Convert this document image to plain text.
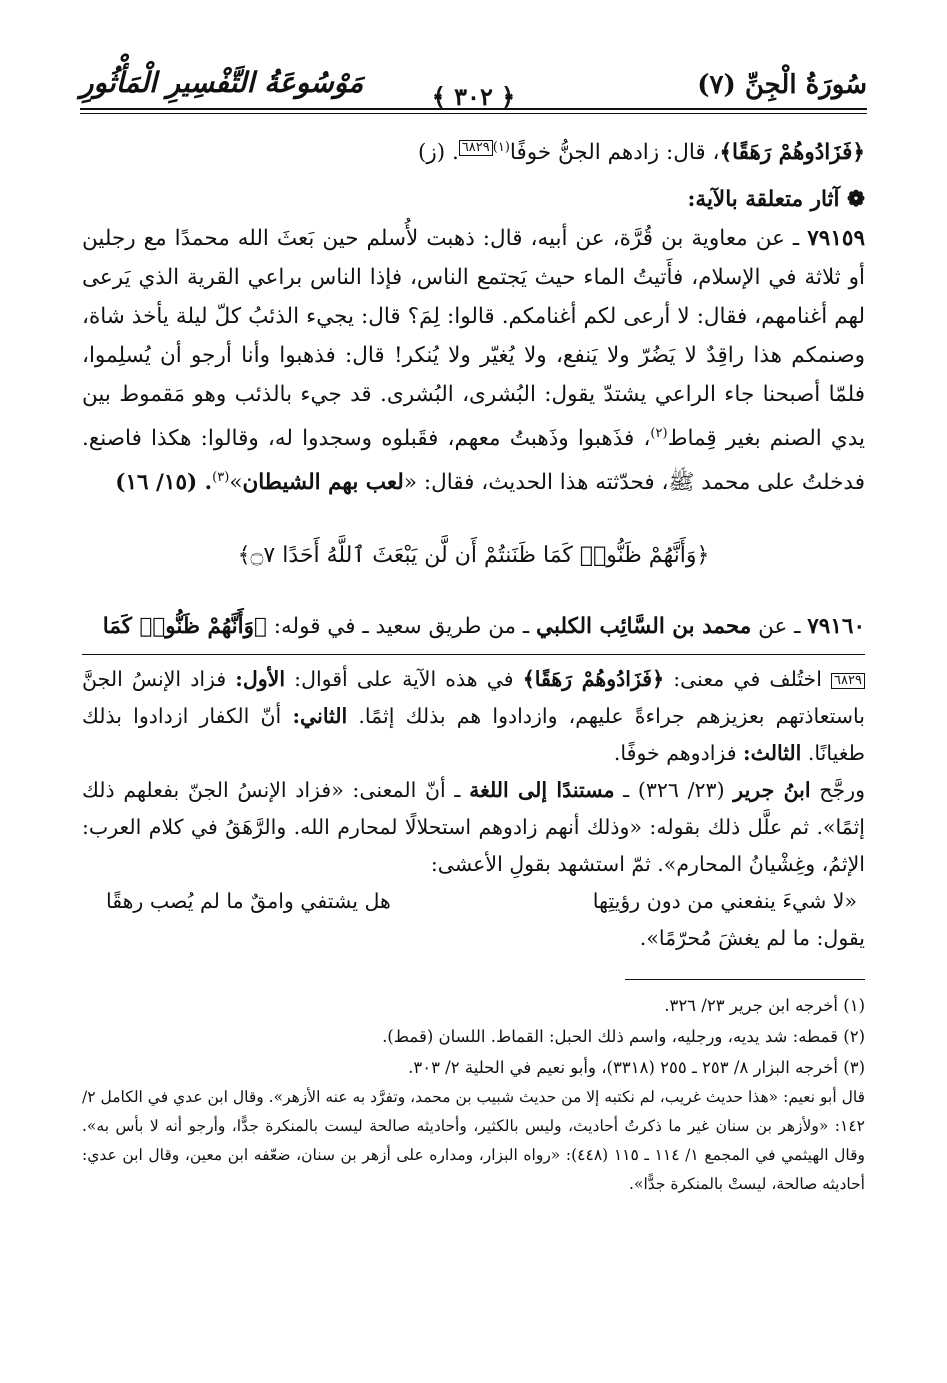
سُورَةُ الْجِنِّ (٧)
﴿ ٣٠٢ ﴾
مَوْسُوعَةُ التَّفْسِيرِ الْمَأْثُورِ

﴿فَزَادُوهُمْ رَهَقًا﴾، قال: زادهم الجنُّ خوفًا$^{(١)}$٦٨٢٩. (ز)

❁ آثار متعلقة بالآية:

٧٩١٥٩ ـ عن معاوية بن قُرَّة، عن أبيه، قال: ذهبت لأُسلم حين بَعثَ الله محمدًا مع رجلين أو ثلاثة في الإسلام، فأَتيتُ الماء حيث يَجتمع الناس، فإذا الناس براعي القرية الذي يَرعى لهم أغنامهم، فقال: لا أرعى لكم أغنامكم. قالوا: لِمَ؟ قال: يجيء الذئبُ كلّ ليلة يأخذ شاة، وصنمكم هذا راقِدٌ لا يَضُرّ ولا يَنفع، ولا يُغيّر ولا يُنكر! قال: فذهبوا وأنا أرجو أن يُسلِموا، فلمّا أصبحنا جاء الراعي يشتدّ يقول: البُشرى، البُشرى. قد جيء بالذئب وهو مَقموط بين يدي الصنم بغير قِماط$^{(٢)}$، فذَهبوا وذَهبتُ معهم، فقَبلوه وسجدوا له، وقالوا: هكذا فاصنع. فدخلتُ على محمد ﷺ، فحدّثته هذا الحديث، فقال: «لعب بهم الشيطان»$^{(٣)}$. (١٥/ ١٦)

﴿وَأَنَّهُمْ ظَنُّوا۟ كَمَا ظَنَنتُمْ أَن لَّن يَبْعَثَ ٱللَّهُ أَحَدًا ۝٧﴾

٧٩١٦٠ ـ عن محمد بن السَّائِب الكلبي ـ من طريق سعيد ـ في قوله: ﴿وَأَنَّهُمْ ظَنُّوا۟ كَمَا

٦٨٢٩ اختُلف في معنى: ﴿فَزَادُوهُمْ رَهَقًا﴾ في هذه الآية على أقوال: الأول: فزاد الإنسُ الجنَّ باستعاذتهم بعزيزهم جراءةً عليهم، وازدادوا هم بذلك إثمًا. الثاني: أنّ الكفار ازدادوا بذلك طغيانًا. الثالث: فزادوهم خوفًا.

ورجَّح ابنُ جرير (٢٣/ ٣٢٦) ـ مستندًا إلى اللغة ـ أنّ المعنى: «فزاد الإنسُ الجنّ بفعلهم ذلك إثمًا». ثم علَّل ذلك بقوله: «وذلك أنهم زادوهم استحلالًا لمحارم الله. والرَّهَقُ في كلام العرب: الإثمُ، وغِشْيانُ المحارم». ثمّ استشهد بقولِ الأعشى:

«لا شيءَ ينفعني من دون رؤيتِها
هل يشتفي وامقٌ ما لم يُصب رهقًا

يقول: ما لم يغشَ مُحرّمًا».

(١) أخرجه ابن جرير ٢٣/ ٣٢٦.

(٢) قمطه: شد يديه، ورجليه، واسم ذلك الحبل: القماط. اللسان (قمط).

(٣) أخرجه البزار ٨/ ٢٥٣ ـ ٢٥٥ (٣٣١٨)، وأبو نعيم في الحلية ٢/ ٣٠٣.

قال أبو نعيم: «هذا حديث غريب، لم نكتبه إلا من حديث شبيب بن محمد، وتفرَّد به عنه الأزهر». وقال ابن عدي في الكامل ٢/ ١٤٢: «ولأزهر بن سنان غير ما ذكرتُ أحاديث، وليس بالكثير، وأحاديثه صالحة ليست بالمنكرة جدًّا، وأرجو أنه لا بأس به». وقال الهيثمي في المجمع ١/ ١١٤ ـ ١١٥ (٤٤٨): «رواه البزار، ومداره على أزهر بن سنان، ضعّفه ابن معين، وقال ابن عدي: أحاديثه صالحة، ليستْ بالمنكرة جدًّا».
